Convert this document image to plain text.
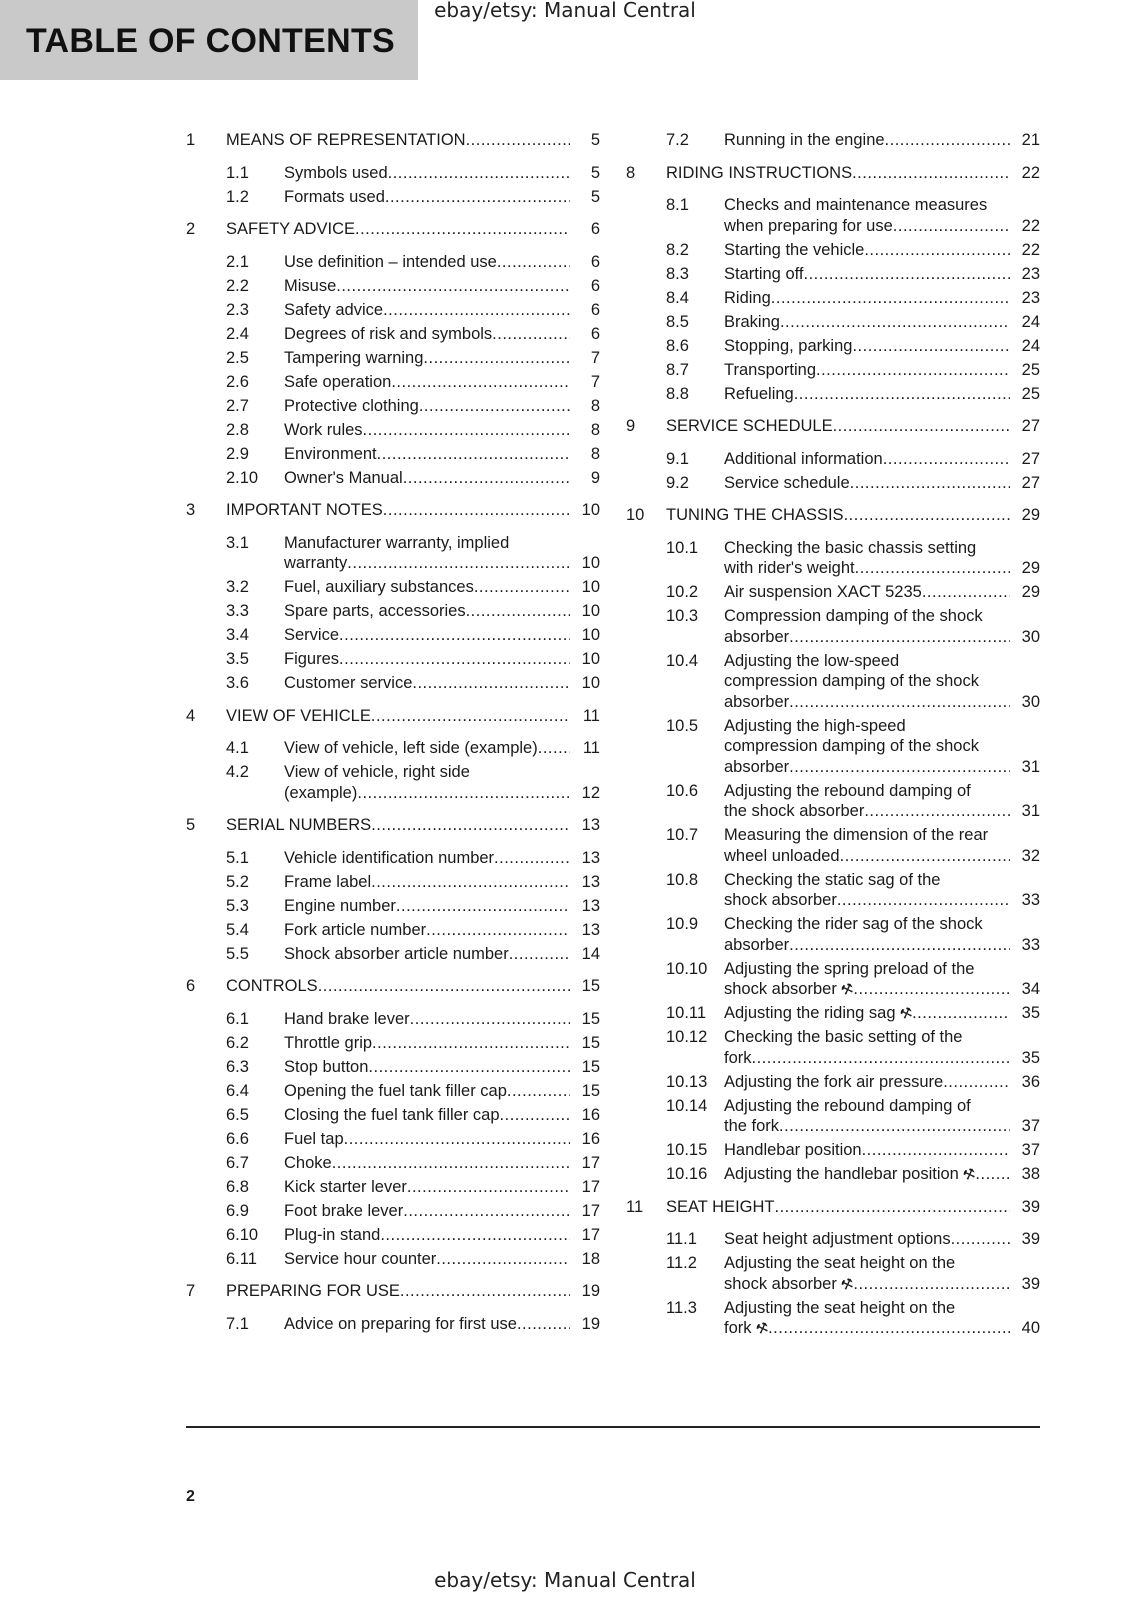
ebay/etsy: Manual Central
TABLE OF CONTENTS
1	MEANS OF REPRESENTATION .....	5
1.1	Symbols used .....	5
1.2	Formats used .....	5
2	SAFETY ADVICE .....	6
2.1	Use definition – intended use .....	6
2.2	Misuse .....	6
2.3	Safety advice .....	6
2.4	Degrees of risk and symbols .....	6
2.5	Tampering warning .....	7
2.6	Safe operation .....	7
2.7	Protective clothing .....	8
2.8	Work rules .....	8
2.9	Environment .....	8
2.10	Owner's Manual .....	9
3	IMPORTANT NOTES .....	10
3.1	Manufacturer warranty, implied
warranty .....	10
3.2	Fuel, auxiliary substances .....	10
3.3	Spare parts, accessories .....	10
3.4	Service .....	10
3.5	Figures .....	10
3.6	Customer service .....	10
4	VIEW OF VEHICLE .....	11
4.1	View of vehicle, left side (example) .....	11
4.2	View of vehicle, right side
(example) .....	12
5	SERIAL NUMBERS .....	13
5.1	Vehicle identification number .....	13
5.2	Frame label .....	13
5.3	Engine number .....	13
5.4	Fork article number .....	13
5.5	Shock absorber article number .....	14
6	CONTROLS .....	15
6.1	Hand brake lever .....	15
6.2	Throttle grip .....	15
6.3	Stop button .....	15
6.4	Opening the fuel tank filler cap .....	15
6.5	Closing the fuel tank filler cap .....	16
6.6	Fuel tap .....	16
6.7	Choke .....	17
6.8	Kick starter lever .....	17
6.9	Foot brake lever .....	17
6.10	Plug-in stand .....	17
6.11	Service hour counter .....	18
7	PREPARING FOR USE .....	19
7.1	Advice on preparing for first use .....	19
7.2	Running in the engine .....	21
8	RIDING INSTRUCTIONS .....	22
8.1	Checks and maintenance measures
when preparing for use .....	22
8.2	Starting the vehicle .....	22
8.3	Starting off .....	23
8.4	Riding .....	23
8.5	Braking .....	24
8.6	Stopping, parking .....	24
8.7	Transporting .....	25
8.8	Refueling .....	25
9	SERVICE SCHEDULE .....	27
9.1	Additional information .....	27
9.2	Service schedule .....	27
10	TUNING THE CHASSIS .....	29
10.1	Checking the basic chassis setting
with rider's weight .....	29
10.2	Air suspension XACT 5235 .....	29
10.3	Compression damping of the shock
absorber .....	30
10.4	Adjusting the low-speed
compression damping of the shock
absorber .....	30
10.5	Adjusting the high-speed
compression damping of the shock
absorber .....	31
10.6	Adjusting the rebound damping of
the shock absorber .....	31
10.7	Measuring the dimension of the rear
wheel unloaded .....	32
10.8	Checking the static sag of the
shock absorber .....	33
10.9	Checking the rider sag of the shock
absorber .....	33
10.10	Adjusting the spring preload of the
shock absorber ⚒ .....	34
10.11	Adjusting the riding sag ⚒ .....	35
10.12	Checking the basic setting of the
fork .....	35
10.13	Adjusting the fork air pressure .....	36
10.14	Adjusting the rebound damping of
the fork .....	37
10.15	Handlebar position .....	37
10.16	Adjusting the handlebar position ⚒ .....	38
11	SEAT HEIGHT .....	39
11.1	Seat height adjustment options .....	39
11.2	Adjusting the seat height on the
shock absorber ⚒ .....	39
11.3	Adjusting the seat height on the
fork ⚒ .....	40
2
ebay/etsy: Manual Central
